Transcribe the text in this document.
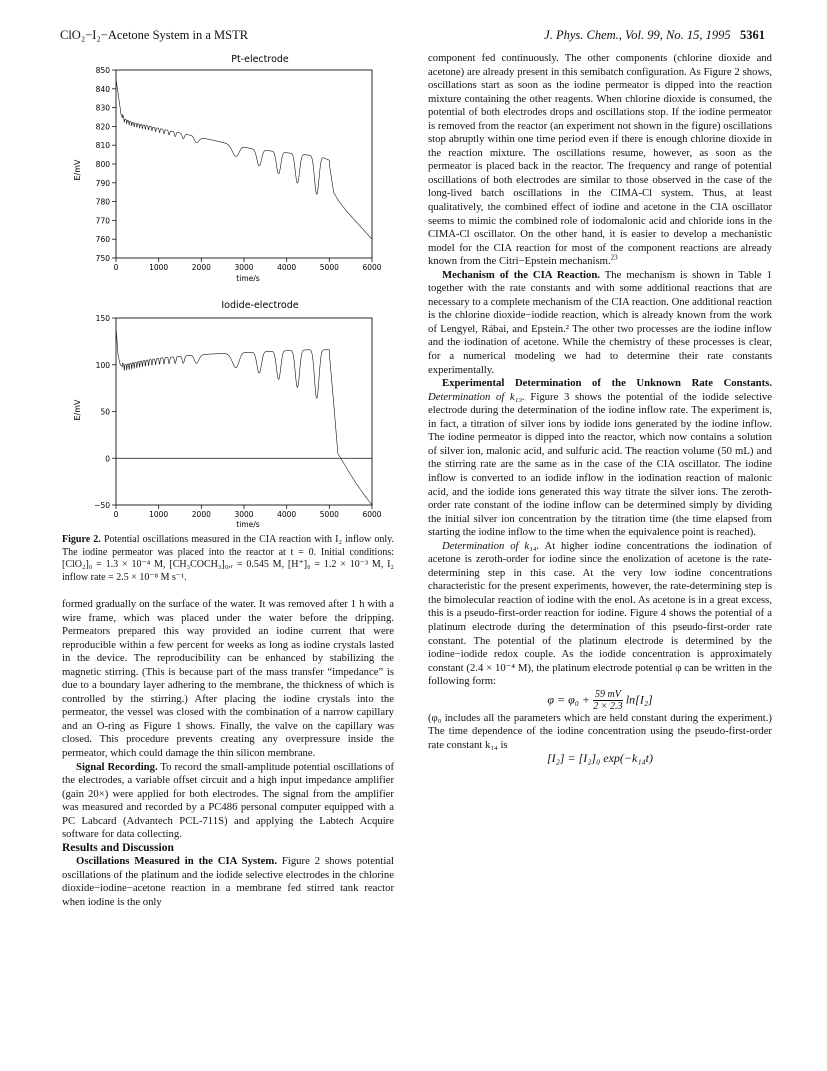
ClO₂−I₂−Acetone System in a MSTR	J. Phys. Chem., Vol. 99, No. 15, 1995 5361
Pt-electrode
E/mV
time/s
750
760
770
780
790
800
810
820
830
840
850
0	1000	2000	3000	4000	5000	6000
Iodide-electrode
E/mV
time/s
−50
0
50
100
150
0	1000	2000	3000	4000	5000	6000
Figure 2. Potential oscillations measured in the CIA reaction with I₂ inflow only. The iodine permeator was placed into the reactor at t = 0. Initial conditions: [ClO₂]₀ = 1.3 × 10⁻⁴ M, [CH₃COCH₃]₀,ᵣ = 0.545 M, [H⁺]₀ = 1.2 × 10⁻³ M, I₂ inflow rate = 2.5 × 10⁻⁸ M s⁻¹.

formed gradually on the surface of the water. It was removed after 1 h with a wire frame, which was placed under the water before the dripping. Permeators prepared this way provided an iodine current that were reproducible within a few percent for weeks as long as iodine crystals lasted in the device. The reproducibility can be enhanced by stabilizing the magnetic stirring. (This is because part of the mass transfer “impedance” is due to a boundary layer adhering to the membrane, the thickness of which is controlled by the stirring.) After placing the iodine crystals into the permeator, the vessel was closed with the combination of a narrow capillary and an O-ring as Figure 1 shows. Finally, the valve on the capillary was closed. This procedure prevents creating any overpressure inside the permeator, which could damage the thin silicon membrane.

Signal Recording. To record the small-amplitude potential oscillations of the electrodes, a variable offset circuit and a high input impedance amplifier (gain 20×) were applied for both electrodes. The signal from the amplifier was measured and recorded by a PC486 personal computer equipped with a PC Labcard (Advantech PCL-711S) and applying the Labtech Acquire software for data collecting.

Results and Discussion

Oscillations Measured in the CIA System. Figure 2 shows potential oscillations of the platinum and the iodide selective electrodes in the chlorine dioxide−iodine−acetone reaction in a membrane fed stirred tank reactor when iodine is the only

component fed continuously. The other components (chlorine dioxide and acetone) are already present in this semibatch configuration. As Figure 2 shows, oscillations start as soon as the iodine permeator is dipped into the reaction mixture containing the other reagents. When chlorine dioxide is consumed, the potential of both electrodes drops and oscillations stop. If the iodine permeator is removed from the reactor (an experiment not shown in the figure) oscillations stop abruptly within one time period even if there is enough chlorine dioxide in the reaction mixture. The oscillations resume, however, as soon as the permeator is placed back in the reactor. The frequency and range of potential oscillations of both electrodes are similar to those observed in the case of the long-lived batch oscillations in the CIMA-Cl system. Thus, at least qualitatively, the combined effect of iodine and acetone in the CIA oscillator seems to mimic the combined role of iodomalonic acid and chloride ions in the CIMA-Cl oscillator. On the other hand, it is easier to develop a mechanistic model for the CIA reaction for most of the component reactions are already known from the Citri−Epstein mechanism.$^{23}$

Mechanism of the CIA Reaction. The mechanism is shown in Table 1 together with the rate constants and with some additional reactions that are necessary to a complete mechanism of the CIA reaction. One additional reaction is the chlorine dioxide−iodide reaction, which is already known from the work of Lengyel, Rábai, and Epstein.² The other two processes are the iodine inflow and the iodination of acetone. While the chemistry of these processes is clear, for a numerical modeling we had to determine their rate constants experimentally.

Experimental Determination of the Unknown Rate Constants. Determination of k₁₃. Figure 3 shows the potential of the iodide selective electrode during the determination of the iodine inflow rate. The experiment is, in fact, a titration of silver ions by iodide ions generated by the iodine inflow. The iodine permeator is dipped into the reactor, which now contains a solution of silver ion, malonic acid, and sulfuric acid. The reaction volume (50 mL) and the stirring rate are the same as in the case of the CIA oscillator. The iodine inflow is converted to an iodide inflow in the iodination reaction of malonic acid, and the iodide ions generated this way titrate the silver ions. The zeroth-order rate constant of the iodine inflow can be determined simply by dividing the initial silver ion concentration by the titration time (the time elapsed from starting the iodine inflow to the time when the equivalence point is reached).

Determination of k₁₄. At higher iodine concentrations the iodination of acetone is zeroth-order for iodine since the enolization of acetone is the rate-determining step in this case. At the very low iodine concentrations characteristic for the present experiments, however, the rate-determining step is the bimolecular reaction of iodine with the enol. As acetone is in a great excess, this is a pseudo-first-order reaction for iodine. Figure 4 shows the potential of a platinum electrode during the determination of this pseudo-first-order rate constant. The potential of the platinum electrode is determined by the iodine−iodide redox couple. As the iodide concentration is approximately constant (2.4 × 10⁻⁴ M), the platinum electrode potential φ can be written in the following form:

$\varphi = \varphi_0 + \frac{59 mV}{2 \times 2.3} \ln[I_2]$

(φ₀ includes all the parameters which are held constant during the experiment.) The time dependence of the iodine concentration using the pseudo-first-order rate constant k₁₄ is

[I₂] = [I₂]₀ exp(−k₁₄t)
